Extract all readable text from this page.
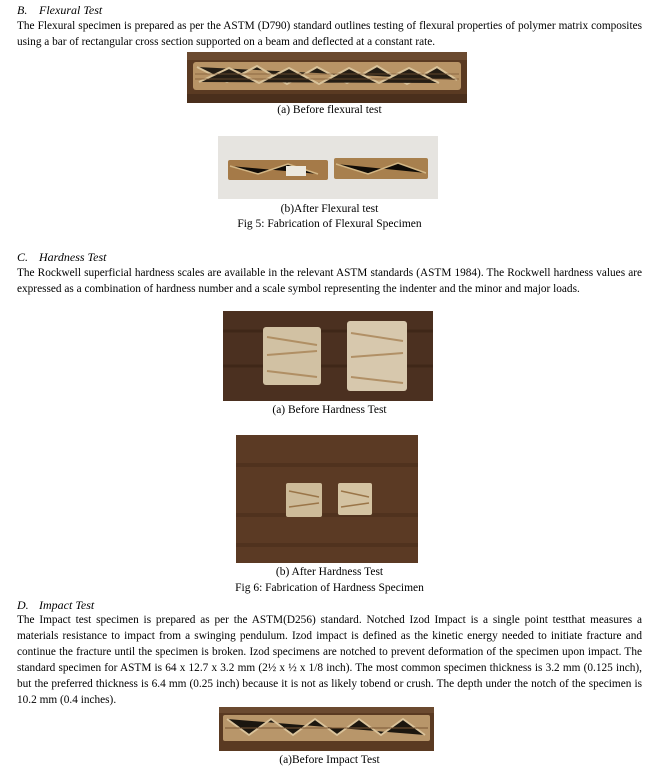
B. Flexural Test
The Flexural specimen is prepared as per the ASTM (D790) standard outlines testing of flexural properties of polymer matrix composites using a bar of rectangular cross section supported on a beam and deflected at a constant rate.
(a) Before flexural test
(b)After Flexural test
Fig 5: Fabrication of Flexural Specimen
C. Hardness Test
The Rockwell superficial hardness scales are available in the relevant ASTM standards (ASTM 1984). The Rockwell hardness values are expressed as a combination of hardness number and a scale symbol representing the indenter and the minor and major loads.
(a) Before Hardness Test
(b) After Hardness Test
Fig 6: Fabrication of Hardness Specimen
D. Impact Test
The Impact test specimen is prepared as per the ASTM(D256) standard. Notched Izod Impact is a single point testthat measures a materials resistance to impact from a swinging pendulum. Izod impact is defined as the kinetic energy needed to initiate fracture and continue the fracture until the specimen is broken. Izod specimens are notched to prevent deformation of the specimen upon impact. The standard specimen for ASTM is 64 x 12.7 x 3.2 mm (2½ x ½ x 1/8 inch). The most common specimen thickness is 3.2 mm (0.125 inch), but the preferred thickness is 6.4 mm (0.25 inch) because it is not as likely tobend or crush. The depth under the notch of the specimen is 10.2 mm (0.4 inches).
(a)Before Impact Test
